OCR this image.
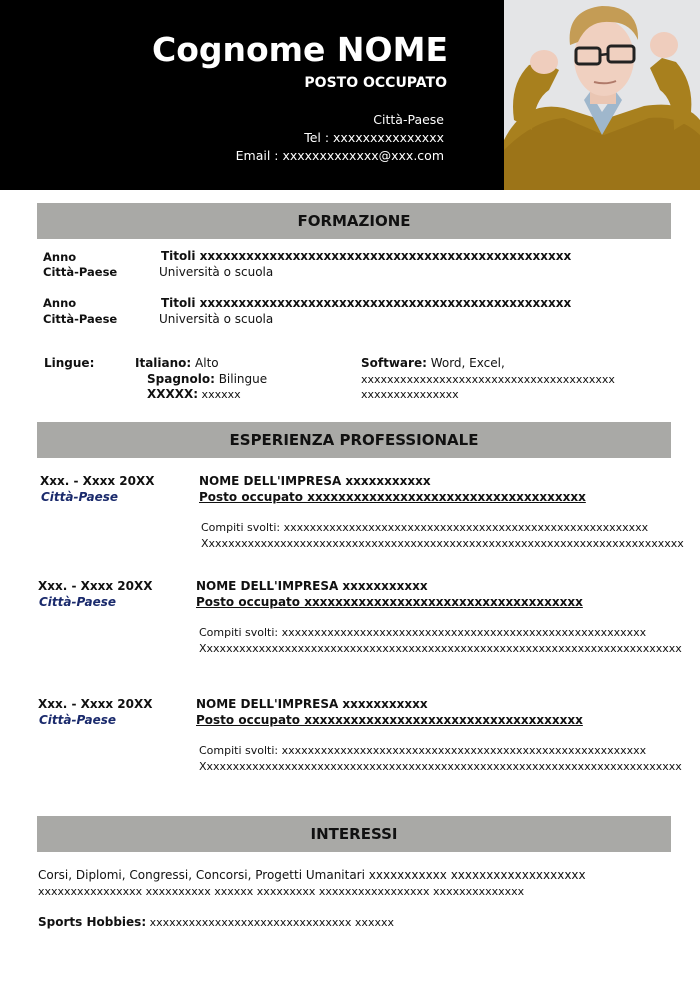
Cognome NOME
POSTO OCCUPATO
Città-Paese
Tel : xxxxxxxxxxxxxxx
Email : xxxxxxxxxxxxx@xxx.com
FORMAZIONE
Anno
Città-Paese
Titoli xxxxxxxxxxxxxxxxxxxxxxxxxxxxxxxxxxxxxxxxxxxxxxxx
Università o scuola
Anno
Città-Paese
Titoli xxxxxxxxxxxxxxxxxxxxxxxxxxxxxxxxxxxxxxxxxxxxxxxx
Università o scuola
Lingue:	Italiano: Alto
Spagnolo: Bilingue
XXXXX: xxxxxx
Software: Word, Excel,
xxxxxxxxxxxxxxxxxxxxxxxxxxxxxxxxxxxxxxx
xxxxxxxxxxxxxxx
ESPERIENZA PROFESSIONALE
Xxx. - Xxxx 20XX
Città-Paese
NOME DELL'IMPRESA xxxxxxxxxxx
Posto occupato xxxxxxxxxxxxxxxxxxxxxxxxxxxxxxxxxxxx
Compiti svolti: xxxxxxxxxxxxxxxxxxxxxxxxxxxxxxxxxxxxxxxxxxxxxxxxxxxxxxxx
Xxxxxxxxxxxxxxxxxxxxxxxxxxxxxxxxxxxxxxxxxxxxxxxxxxxxxxxxxxxxxxxxxxxxxxxxxx
Xxx. - Xxxx 20XX
Città-Paese
NOME DELL'IMPRESA xxxxxxxxxxx
Posto occupato xxxxxxxxxxxxxxxxxxxxxxxxxxxxxxxxxxxx
Compiti svolti: xxxxxxxxxxxxxxxxxxxxxxxxxxxxxxxxxxxxxxxxxxxxxxxxxxxxxxxx
Xxxxxxxxxxxxxxxxxxxxxxxxxxxxxxxxxxxxxxxxxxxxxxxxxxxxxxxxxxxxxxxxxxxxxxxxxx
Xxx. - Xxxx 20XX
Città-Paese
NOME DELL'IMPRESA xxxxxxxxxxx
Posto occupato xxxxxxxxxxxxxxxxxxxxxxxxxxxxxxxxxxxx
Compiti svolti: xxxxxxxxxxxxxxxxxxxxxxxxxxxxxxxxxxxxxxxxxxxxxxxxxxxxxxxx
Xxxxxxxxxxxxxxxxxxxxxxxxxxxxxxxxxxxxxxxxxxxxxxxxxxxxxxxxxxxxxxxxxxxxxxxxxx
INTERESSI
Corsi, Diplomi, Congressi, Concorsi, Progetti Umanitari xxxxxxxxxxx xxxxxxxxxxxxxxxxxxx
xxxxxxxxxxxxxxxx xxxxxxxxxx xxxxxx xxxxxxxxx xxxxxxxxxxxxxxxxx xxxxxxxxxxxxxx
Sports Hobbies: xxxxxxxxxxxxxxxxxxxxxxxxxxxxxxx xxxxxx
